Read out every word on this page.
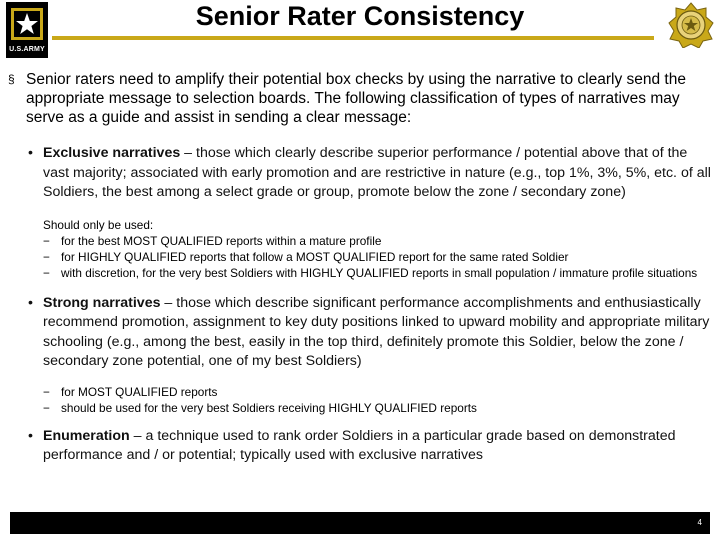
U.S.ARMY
Senior Rater Consistency
§ Senior raters need to amplify their potential box checks by using the narrative to clearly send the appropriate message to selection boards. The following classification of types of narratives may serve as a guide and assist in sending a clear message:
• Exclusive narratives – those which clearly describe superior performance / potential above that of the vast majority; associated with early promotion and are restrictive in nature (e.g., top 1%, 3%, 5%, etc. of all Soldiers, the best among a select grade or group, promote below the zone / secondary zone)
Should only be used:
− for the best MOST QUALIFIED reports within a mature profile
− for HIGHLY QUALIFIED reports that follow a MOST QUALIFIED report for the same rated Soldier
− with discretion, for the very best Soldiers with HIGHLY QUALIFIED reports in small population / immature profile situations
• Strong narratives – those which describe significant performance accomplishments and enthusiastically recommend promotion, assignment to key duty positions linked to upward mobility and appropriate military schooling (e.g., among the best, easily in the top third, definitely promote this Soldier, below the zone / secondary zone potential, one of my best Soldiers)
− for MOST QUALIFIED reports
− should be used for the very best Soldiers receiving HIGHLY QUALIFIED reports
• Enumeration – a technique used to rank order Soldiers in a particular grade based on demonstrated performance and / or potential; typically used with exclusive narratives
4
